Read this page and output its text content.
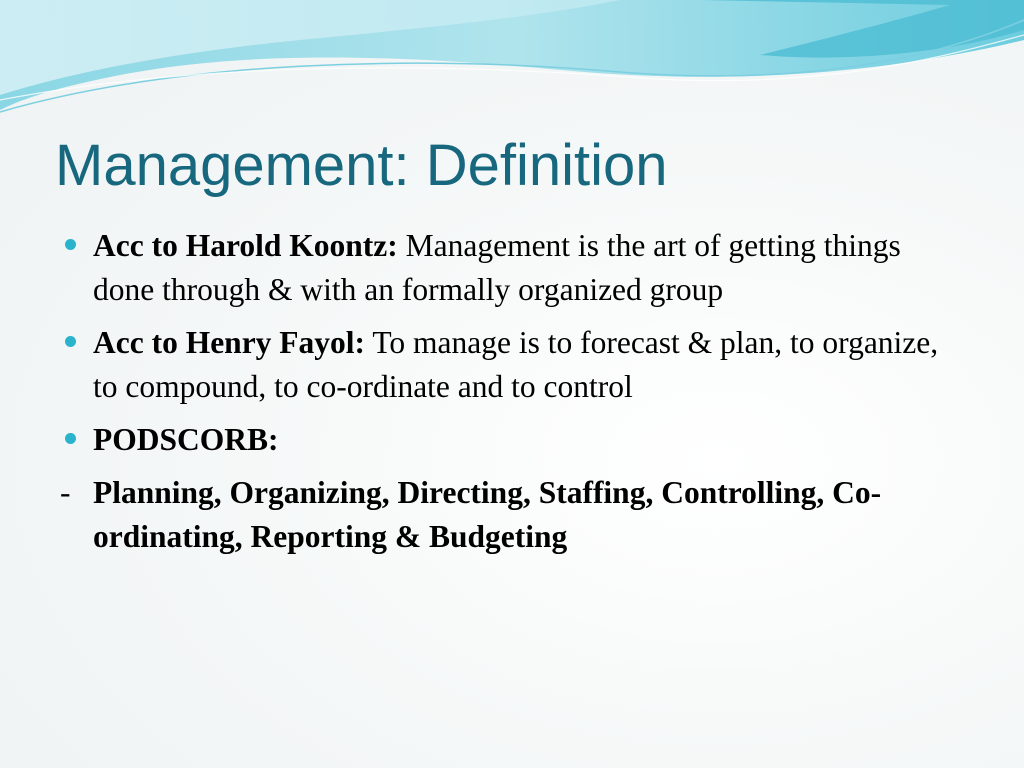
Management: Definition

Acc to Harold Koontz: Management is the art of getting things done through & with an formally organized group

Acc to Henry Fayol: To manage is to forecast & plan, to organize, to compound, to co-ordinate and to control

PODSCORB:

- Planning, Organizing, Directing, Staffing, Controlling, Co-ordinating, Reporting & Budgeting
